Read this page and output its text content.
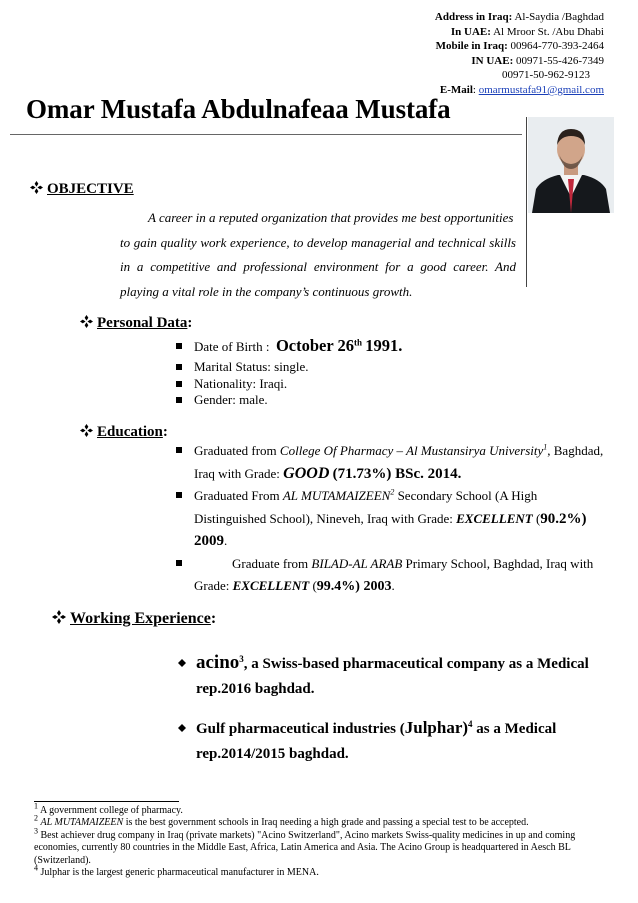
Address in Iraq: Al-Saydia /Baghdad
In UAE: Al Mroor St. /Abu Dhabi
Mobile in Iraq: 00964-770-393-2464
IN UAE: 00971-55-426-7349
00971-50-962-9123
E-Mail: omarmustafa91@gmail.com
Omar Mustafa Abdulnafeaa Mustafa
OBJECTIVE
A career in a reputed organization that provides me best opportunities
to gain quality work experience, to develop managerial and technical skills in a competitive and professional environment for a good career. And playing a vital role in the company’s continuous growth.
Personal Data:
Date of Birth : October 26th 1991.
Marital Status: single.
Nationality: Iraqi.
Gender: male.
Education:
Graduated from College Of Pharmacy – Al Mustansirya University$^1$, Baghdad, Iraq with Grade: GOOD (71.73%) BSc. 2014.
Graduated From AL MUTAMAIZEEN$^2$ Secondary School (A High Distinguished School), Nineveh, Iraq with Grade: EXCELLENT (90.2%)
2009.
Graduate from BILAD-AL ARAB Primary School, Baghdad, Iraq with Grade: EXCELLENT (99.4%) 2003.
Working Experience:
acino$^3$, a Swiss-based pharmaceutical company as a Medical rep.2016 baghdad.
Gulf pharmaceutical industries (Julphar)$^4$ as a Medical rep.2014/2015 baghdad.

$^1$ A government college of pharmacy.

$^2$ AL MUTAMAIZEEN is the best government schools in Iraq needing a high grade and passing a special test to be accepted.

$^3$ Best achiever drug company in Iraq (private markets) "Acino Switzerland", Acino markets Swiss-quality medicines in up and coming economies, currently 80 countries in the Middle East, Africa, Latin America and Asia. The Acino Group is headquartered in Aesch BL (Switzerland).

$^4$ Julphar is the largest generic pharmaceutical manufacturer in MENA.
